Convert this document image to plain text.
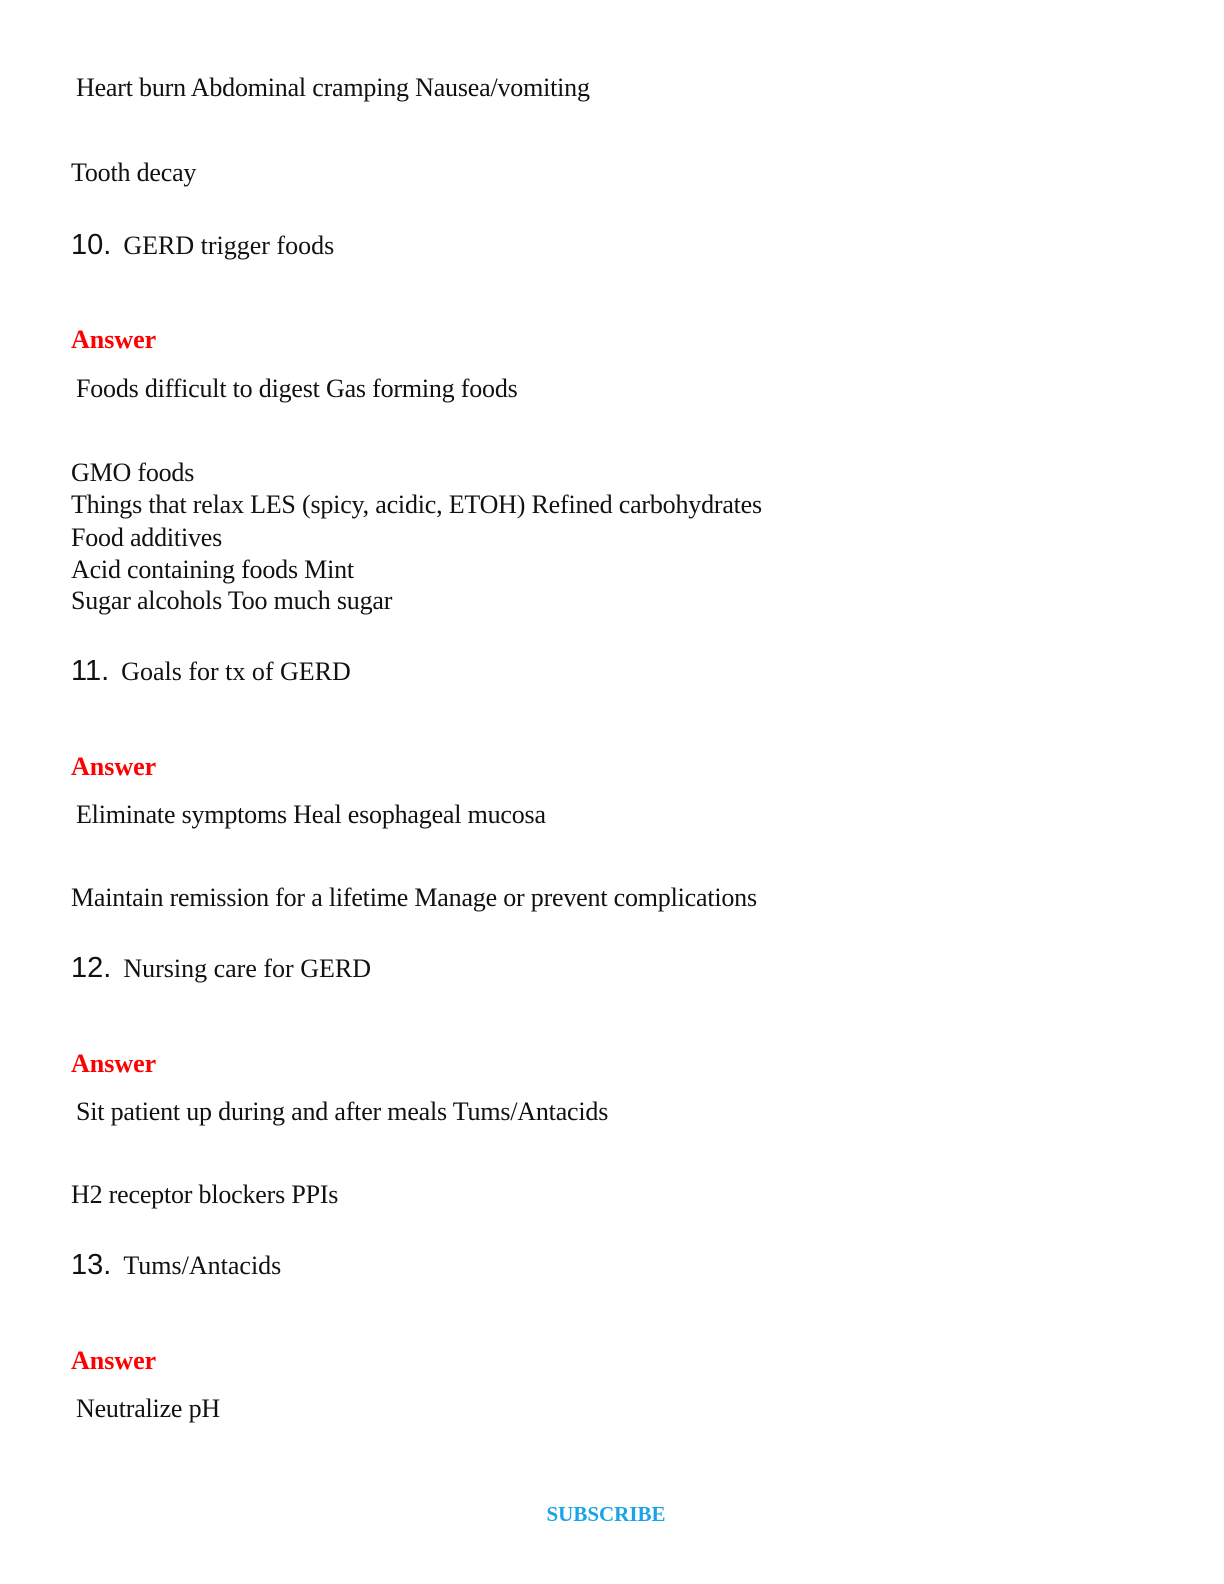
Heart burn Abdominal cramping Nausea/vomiting
Tooth decay
10. GERD trigger foods
Answer
Foods difficult to digest Gas forming foods
GMO foods
Things that relax LES (spicy, acidic, ETOH) Refined carbohydrates
Food additives
Acid containing foods Mint
Sugar alcohols Too much sugar
11. Goals for tx of GERD
Answer
Eliminate symptoms Heal esophageal mucosa
Maintain remission for a lifetime Manage or prevent complications
12. Nursing care for GERD
Answer
Sit patient up during and after meals Tums/Antacids
H2 receptor blockers PPIs
13. Tums/Antacids
Answer
Neutralize pH
SUBSCRIBE
